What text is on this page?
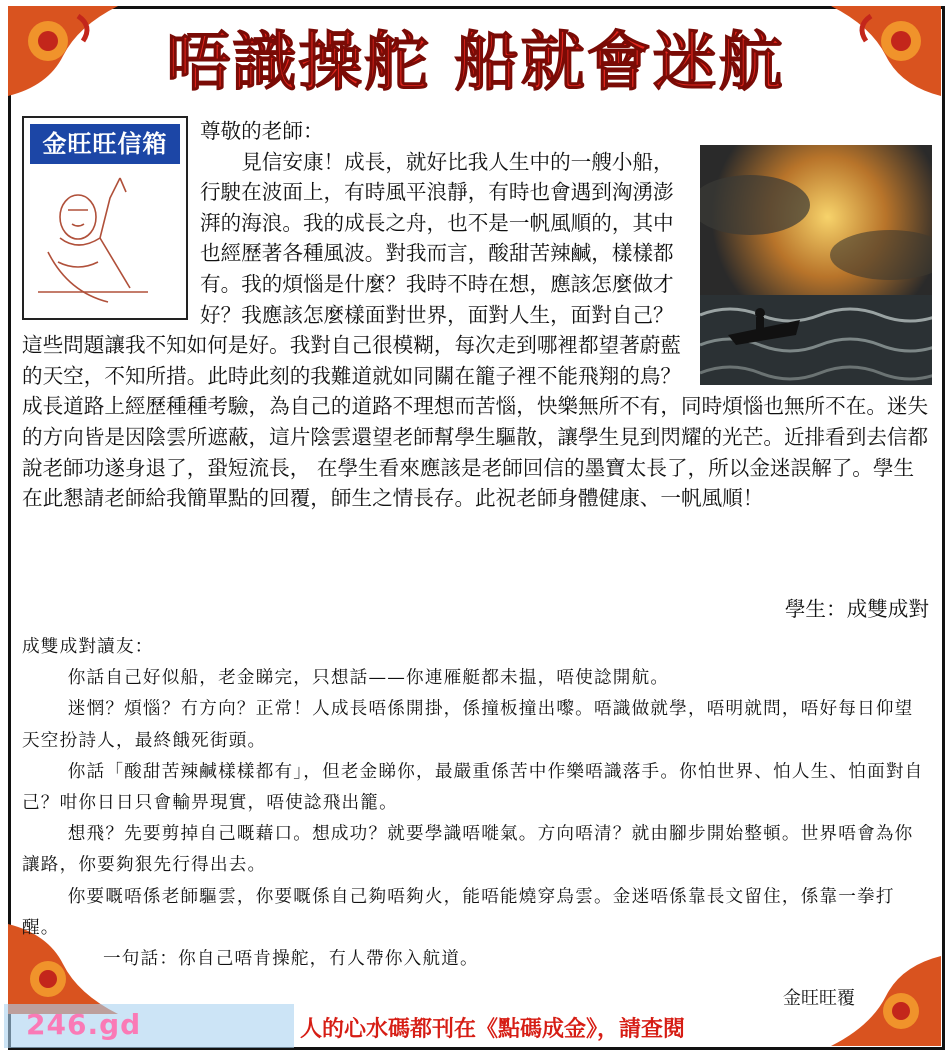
唔識操舵 船就會迷航
金旺旺信箱	尊敬的老師：

見信安康！成長，就好比我人生中的一艘小船，行駛在波面上，有時風平浪靜，有時也會遇到洶湧澎湃的海浪。我的成長之舟，也不是一帆風順的，其中也經歷著各種風波。對我而言，酸甜苦辣鹹，樣樣都有。我的煩惱是什麼？我時不時在想，應該怎麼做才好？我應該怎麼樣面對世界，面對人生，面對自己？這些問題讓我不知如何是好。我對自己很模糊，每次走到哪裡都望著蔚藍的天空，不知所措。此時此刻的我難道就如同關在籠子裡不能飛翔的鳥？成長道路上經歷種種考驗，為自己的道路不理想而苦惱，快樂無所不有，同時煩惱也無所不在。迷失的方向皆是因陰雲所遮蔽，這片陰雲還望老師幫學生驅散，讓學生見到閃耀的光芒。近排看到去信都說老師功遂身退了，蛩短流長， 在學生看來應該是老師回信的墨寶太長了，所以金迷誤解了。學生在此懇請老師給我簡單點的回覆，師生之情長存。此祝老師身體健康、一帆風順！

學生：成雙成對

成雙成對讀友：

你話自己好似船，老金睇完，只想話——你連雁艇都未揾，唔使諗開航。

迷惘？煩惱？冇方向？正常！人成長唔係開掛，係撞板撞出嚟。唔識做就學，唔明就問，唔好每日仰望天空扮詩人，最終餓死街頭。

你話「酸甜苦辣鹹樣樣都有」，但老金睇你，最嚴重係苦中作樂唔識落手。你怕世界、怕人生、怕面對自己？咁你日日只會輸畀現實，唔使諗飛出籠。

想飛？先要剪掉自己嘅藉口。想成功？就要學識唔嘥氣。方向唔清？就由腳步開始整頓。世界唔會為你讓路，你要夠狠先行得出去。

你要嘅唔係老師驅雲，你要嘅係自己夠唔夠火，能唔能燒穿烏雲。金迷唔係靠長文留住，係靠一拳打醒。

一句話：你自己唔肯操舵，冇人帶你入航道。

金旺旺覆
246.gd	人的心水碼都刊在《點碼成金》，請查閱
